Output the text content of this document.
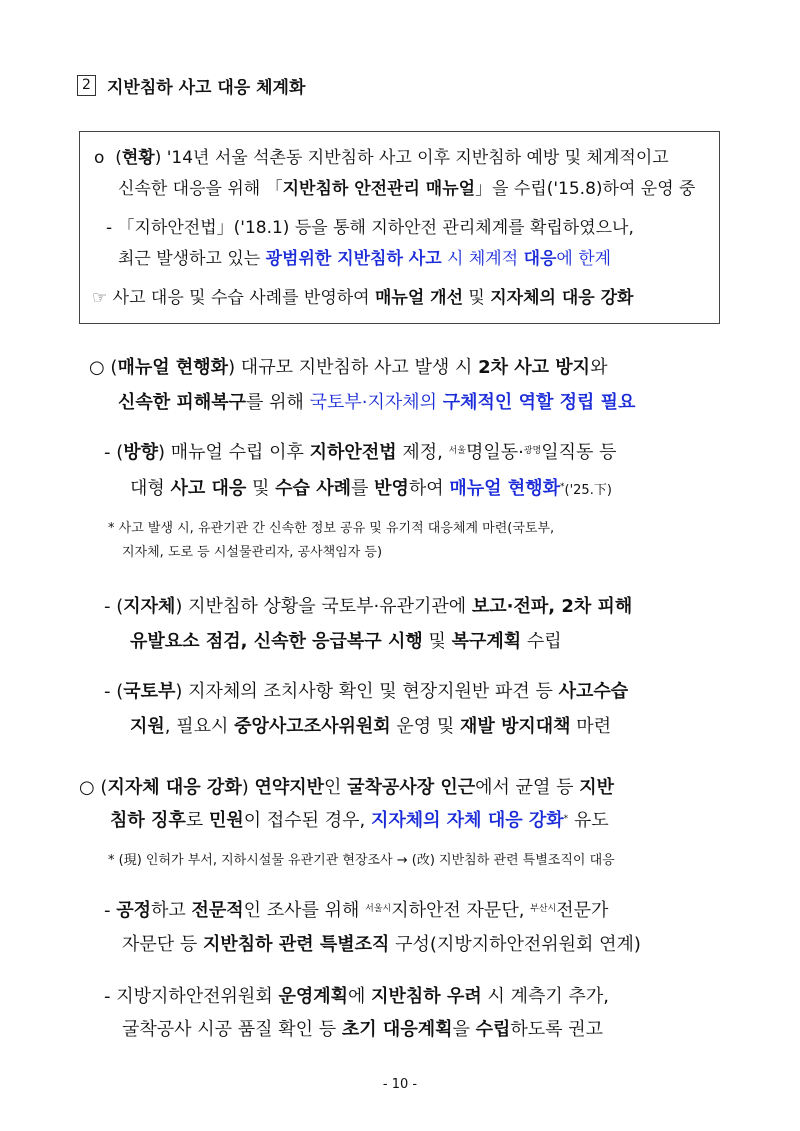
2 지반침하 사고 대응 체계화
o (현황) '14년 서울 석촌동 지반침하 사고 이후 지반침하 예방 및 체계적이고
신속한 대응을 위해 「지반침하 안전관리 매뉴얼」을 수립('15.8)하여 운영 중
- 「지하안전법」('18.1) 등을 통해 지하안전 관리체계를 확립하였으나,
최근 발생하고 있는 광범위한 지반침하 사고 시 체계적 대응에 한계
☞ 사고 대응 및 수습 사례를 반영하여 매뉴얼 개선 및 지자체의 대응 강화
○ (매뉴얼 현행화) 대규모 지반침하 사고 발생 시 2차 사고 방지와
신속한 피해복구를 위해 국토부·지자체의 구체적인 역할 정립 필요
- (방향) 매뉴얼 수립 이후 지하안전법 제정, $^{서울}$명일동·$^{광명}$일직동 등
대형 사고 대응 및 수습 사례를 반영하여 매뉴얼 현행화*('25.下)
* 사고 발생 시, 유관기관 간 신속한 정보 공유 및 유기적 대응체계 마련(국토부,
지자체, 도로 등 시설물관리자, 공사책임자 등)
- (지자체) 지반침하 상황을 국토부·유관기관에 보고·전파, 2차 피해
유발요소 점검, 신속한 응급복구 시행 및 복구계획 수립
- (국토부) 지자체의 조치사항 확인 및 현장지원반 파견 등 사고수습
지원, 필요시 중앙사고조사위원회 운영 및 재발 방지대책 마련
○ (지자체 대응 강화) 연약지반인 굴착공사장 인근에서 균열 등 지반
침하 징후로 민원이 접수된 경우, 지자체의 자체 대응 강화* 유도
* (現) 인허가 부서, 지하시설물 유관기관 현장조사 → (改) 지반침하 관련 특별조직이 대응
- 공정하고 전문적인 조사를 위해 $^{서울시}$지하안전 자문단, $^{부산시}$전문가
자문단 등 지반침하 관련 특별조직 구성(지방지하안전위원회 연계)
- 지방지하안전위원회 운영계획에 지반침하 우려 시 계측기 추가,
굴착공사 시공 품질 확인 등 초기 대응계획을 수립하도록 권고
- 10 -
